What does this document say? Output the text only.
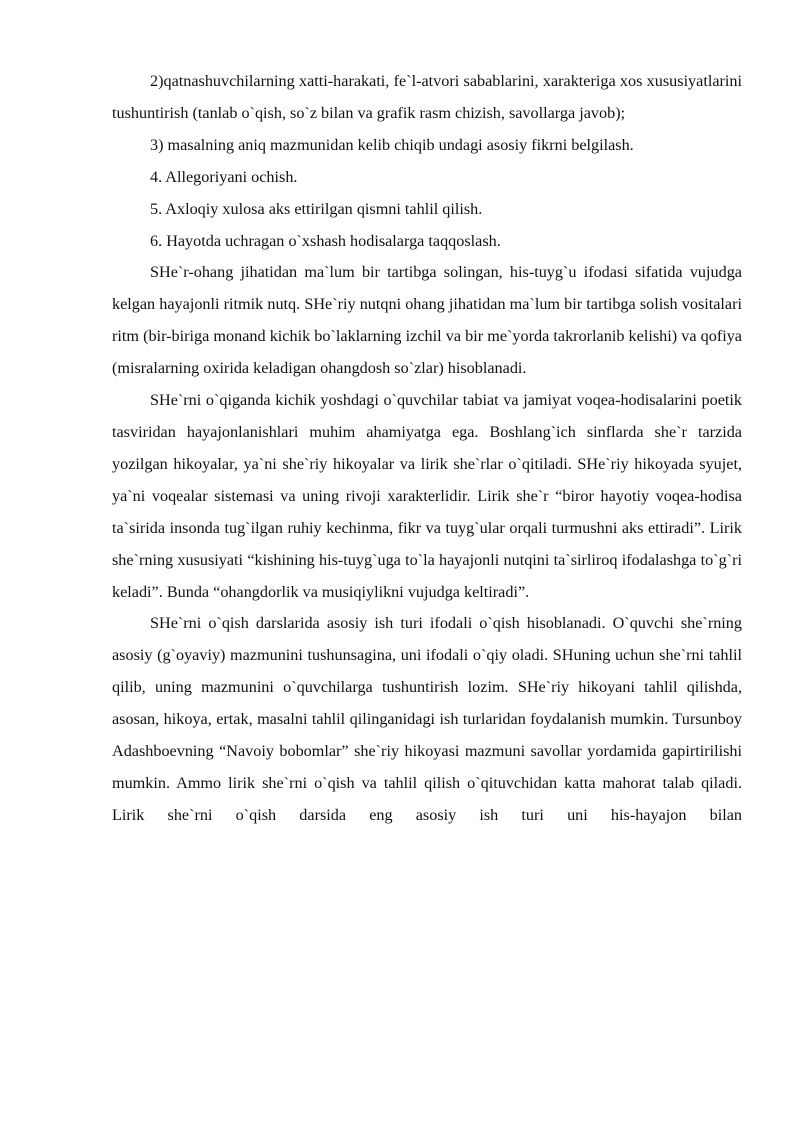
2)qatnashuvchilarning xatti-harakati, fe`l-atvori sabablarini, xarakteriga xos xususiyatlarini tushuntirish (tanlab o`qish, so`z bilan va grafik rasm chizish, savollarga javob);

3) masalning aniq mazmunidan kelib chiqib undagi asosiy fikrni belgilash.

4. Allegoriyani ochish.

5. Axloqiy xulosa aks ettirilgan qismni tahlil qilish.

6. Hayotda uchragan o`xshash hodisalarga taqqoslash.

SHe`r-ohang jihatidan ma`lum bir tartibga solingan, his-tuyg`u ifodasi sifatida vujudga kelgan hayajonli ritmik nutq. SHe`riy nutqni ohang jihatidan ma`lum bir tartibga solish vositalari ritm (bir-biriga monand kichik bo`laklarning izchil va bir me`yorda takrorlanib kelishi) va qofiya (misralarning oxirida keladigan ohangdosh so`zlar) hisoblanadi.

SHe`rni o`qiganda kichik yoshdagi o`quvchilar tabiat va jamiyat voqea-hodisalarini poetik tasviridan hayajonlanishlari muhim ahamiyatga ega. Boshlang`ich sinflarda she`r tarzida yozilgan hikoyalar, ya`ni she`riy hikoyalar va lirik she`rlar o`qitiladi. SHe`riy hikoyada syujet, ya`ni voqealar sistemasi va uning rivoji xarakterlidir. Lirik she`r “biror hayotiy voqea-hodisa ta`sirida insonda tug`ilgan ruhiy kechinma, fikr va tuyg`ular orqali turmushni aks ettiradi”. Lirik she`rning xususiyati “kishining his-tuyg`uga to`la hayajonli nutqini ta`sirliroq ifodalashga to`g`ri keladi”. Bunda “ohangdorlik va musiqiylikni vujudga keltiradi”.

SHe`rni o`qish darslarida asosiy ish turi ifodali o`qish hisoblanadi. O`quvchi she`rning asosiy (g`oyaviy) mazmunini tushunsagina, uni ifodali o`qiy oladi. SHuning uchun she`rni tahlil qilib, uning mazmunini o`quvchilarga tushuntirish lozim. SHe`riy hikoyani tahlil qilishda, asosan, hikoya, ertak, masalni tahlil qilinganidagi ish turlaridan foydalanish mumkin. Tursunboy Adashboevning “Navoiy bobomlar” she`riy hikoyasi mazmuni savollar yordamida gapirtirilishi mumkin. Ammo lirik she`rni o`qish va tahlil qilish o`qituvchidan katta mahorat talab qiladi. Lirik she`rni o`qish darsida eng asosiy ish turi uni his-hayajon bilan
